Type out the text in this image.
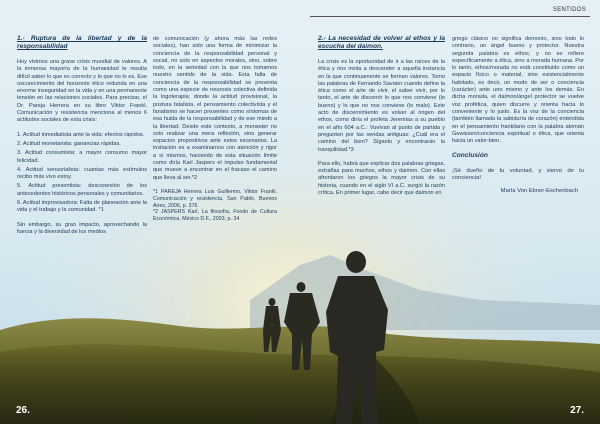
SENTIDOS
1.- Ruptura de la libertad y de la responsabilidad

Hoy vivimos una grave crisis mundial de valores. A la inmensa mayoría de la humanidad le resulta difícil saber lo que es correcto y lo que no lo es. Ese oscurecimiento del horizonte ético redunda en una enorme inseguridad en la vida y en una permanente tensión en las relaciones sociales. Para precisar, el Dr. Pareja Herrera en su libro Viktor Frankl. Comunicación y resistencia menciona al menos 6 actitudes sociales de esta crisis:

1. Actitud inmediatista ante la vida: efectos rápidos.
2. Actitud monetarista: ganancias rápidas.
3. Actitud consumista: a mayor consumo mayor felicidad.
4. Actitud sensorialista: cuantas más estímulos recibo más vivo estoy.
5. Actitud presentista: desconexión de los antecedentes históricos personales y comunitarios.
6. Actitud improvisadora: Falta de planeación ante la vida y el trabajo y la comunidad. *1

Sin embargo, su gran impacto, aprovechando la fuerza y la diversidad de los medios

de comunicación (y ahora más las redes sociales), han sido una forma de minimizar la conciencia de la responsabilidad personal y social, no solo en aspectos morales, sino, sobre todo, en la seriedad con la que nos tomamos nuestro sentido de la vida. Esta falta de conciencia de la responsabilidad se presenta como una especie de neurosis colectiva definida la logoterapia; donde la actitud provisional, la postura fatalista, el pensamiento colectivista y el fanatismo se hacen presentes como síntomas de esa huida de la responsabilidad y de ese miedo a la libertad. Desde este contexto, a menester no solo realizar una mera reflexión, sino generar espacios propositivos ante estos escenarios. La invitación es a examinarnos con atención y rigor a sí mismos, haciendo de esta situación límite como diría Karl Jaspers el impulso fundamental que mueve a encontrar en el fracaso el camino que lleva al ser.*2

*1 PAREJA Herrera Luis Guillermo, Viktor Frankl. Comunicación y resistencia, San Pablo, Buenos Aires, 2006, p. 376

*2 JASPERS Karl, La filosofía, Fondo de Cultura Económica, México D.F., 2003, p. 34

2.- La necesidad de volver al ethos y la escucha del daimon.

La crisis es la oportunidad de ir a las raíces de la ética y nos invita a descender a aquella instancia en la que continuamente se forman valores. Tomo las palabras de Fernando Savater cuando define la ética como el arte de vivir, el saber vivir, por lo tanto, el arte de discernir lo que nos conviene (lo bueno) y lo que no nos conviene (lo malo). Este acto de discernimiento es volver al origen del ethos, como diría el profeta Jeremías a su pueblo en el año 604 a.C.: Vuelvan al punto de partida y pregunten por las sendas antiguas: ¿Cuál era el camino del bien? Síganlo y encontrarán la tranquilidad.*3

Para ello, habrá que explicar dos palabras griegas, extrañas para muchos, ethos y daimon. Con ellas afrontaron los griegos la mayor crisis de su historia, cuando en el siglo VI a.C. surgió la razón crítica. En primer lugar, cabe decir que daimon en

griego clásico no significa demonio, sino todo lo contrario, un ángel bueno y protector. Nuestra segunda palabra es ethos, y no se refiere específicamente a ética, sino a morada humana. Por lo tanto, ethos/morada no está constituido como un espacio físico o material, sino existencialmente habitado, es decir, un modo de ser o conciencia (carácter) ante uno mismo y ante los demás. En dicha morada, el daimon/ángel protector se vuelve voz profética, quien discurre y orienta hacia lo conveniente y lo justo. Es la voz de la conciencia (también llamada la sabiduría de corazón) entendida en el pensamiento frankliano con la palabra alemán Gewissen/conciencia espiritual o ética, que orienta hacia un valor-bien.

Conclusión
¡Sé dueño de tu voluntad, y siervo de tu conciencia!
María Von Ebner-Eschenbach
26.	27.
